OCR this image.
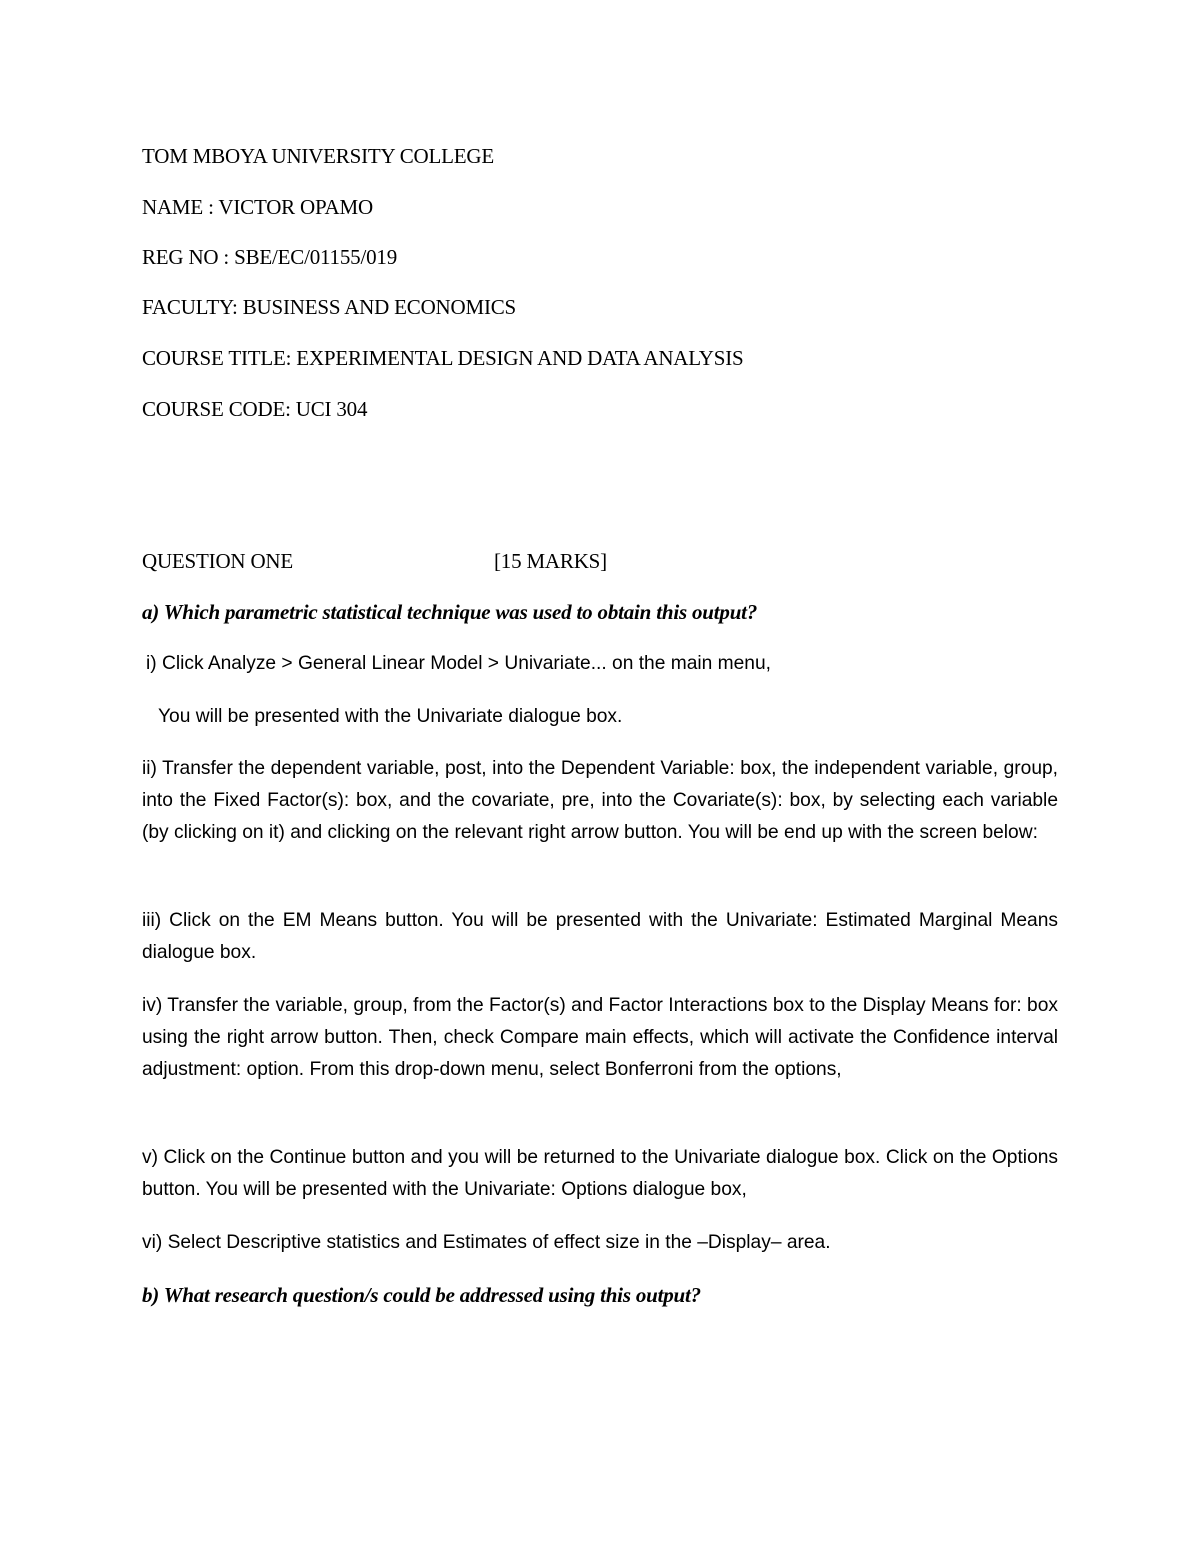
TOM MBOYA UNIVERSITY COLLEGE

NAME : VICTOR OPAMO

REG NO : SBE/EC/01155/019

FACULTY: BUSINESS AND ECONOMICS

COURSE TITLE: EXPERIMENTAL DESIGN AND DATA ANALYSIS

COURSE CODE: UCI 304

QUESTION ONE	[15 MARKS]

a) Which parametric statistical technique was used to obtain this output?

i) Click Analyze > General Linear Model > Univariate... on the main menu,

You will be presented with the Univariate dialogue box.

ii) Transfer the dependent variable, post, into the Dependent Variable: box, the independent variable, group, into the Fixed Factor(s): box, and the covariate, pre, into the Covariate(s): box, by selecting each variable (by clicking on it) and clicking on the relevant right arrow button. You will be end up with the screen below:

iii) Click on the EM Means button. You will be presented with the Univariate: Estimated Marginal Means dialogue box.

iv) Transfer the variable, group, from the Factor(s) and Factor Interactions box to the Display Means for: box using the right arrow button. Then, check Compare main effects, which will activate the Confidence interval adjustment: option. From this drop-down menu, select Bonferroni from the options,

v) Click on the Continue button and you will be returned to the Univariate dialogue box. Click on the Options button. You will be presented with the Univariate: Options dialogue box,

vi) Select Descriptive statistics and Estimates of effect size in the –Display– area.

b) What research question/s could be addressed using this output?
